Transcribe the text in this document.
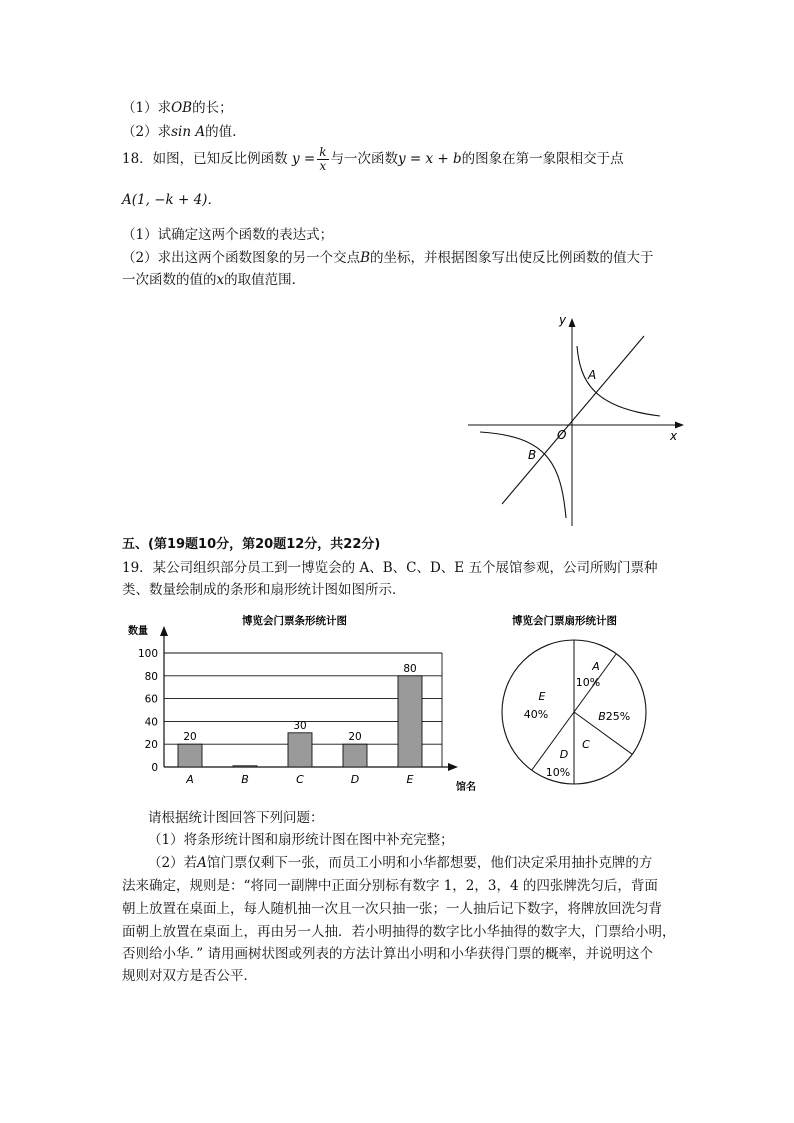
（1）求OB的长；
（2）求sin A的值.
18．如图，已知反比例函数 $y = \frac{k}{x}$ 与一次函数y = x + b的图象在第一象限相交于点
A(1, −k + 4)．
（1）试确定这两个函数的表达式；
（2）求出这两个函数图象的另一个交点B的坐标，并根据图象写出使反比例函数的值大于
一次函数的值的x的取值范围．
y
x
O
A
B
五、(第19题10分，第20题12分，共22分)
19．某公司组织部分员工到一博览会的 A、B、C、D、E 五个展馆参观，公司所购门票种
类、数量绘制成的条形和扇形统计图如图所示．
博览会门票条形统计图
数量
0
20
40
60
80
100
20
A	B
30
C
20
D
80
E
馆名
博览会门票扇形统计图
A
10%
B 25%
C
D
10%
E
40%
请根据统计图回答下列问题：
（1）将条形统计图和扇形统计图在图中补充完整；
（2）若A馆门票仅剩下一张，而员工小明和小华都想要，他们决定采用抽扑克牌的方
法来确定，规则是：“将同一副牌中正面分别标有数字 1，2，3，4 的四张牌洗匀后，背面
朝上放置在桌面上，每人随机抽一次且一次只抽一张；一人抽后记下数字，将牌放回洗匀背
面朝上放置在桌面上，再由另一人抽．若小明抽得的数字比小华抽得的数字大，门票给小明，
否则给小华．” 请用画树状图或列表的方法计算出小明和小华获得门票的概率，并说明这个
规则对双方是否公平．
